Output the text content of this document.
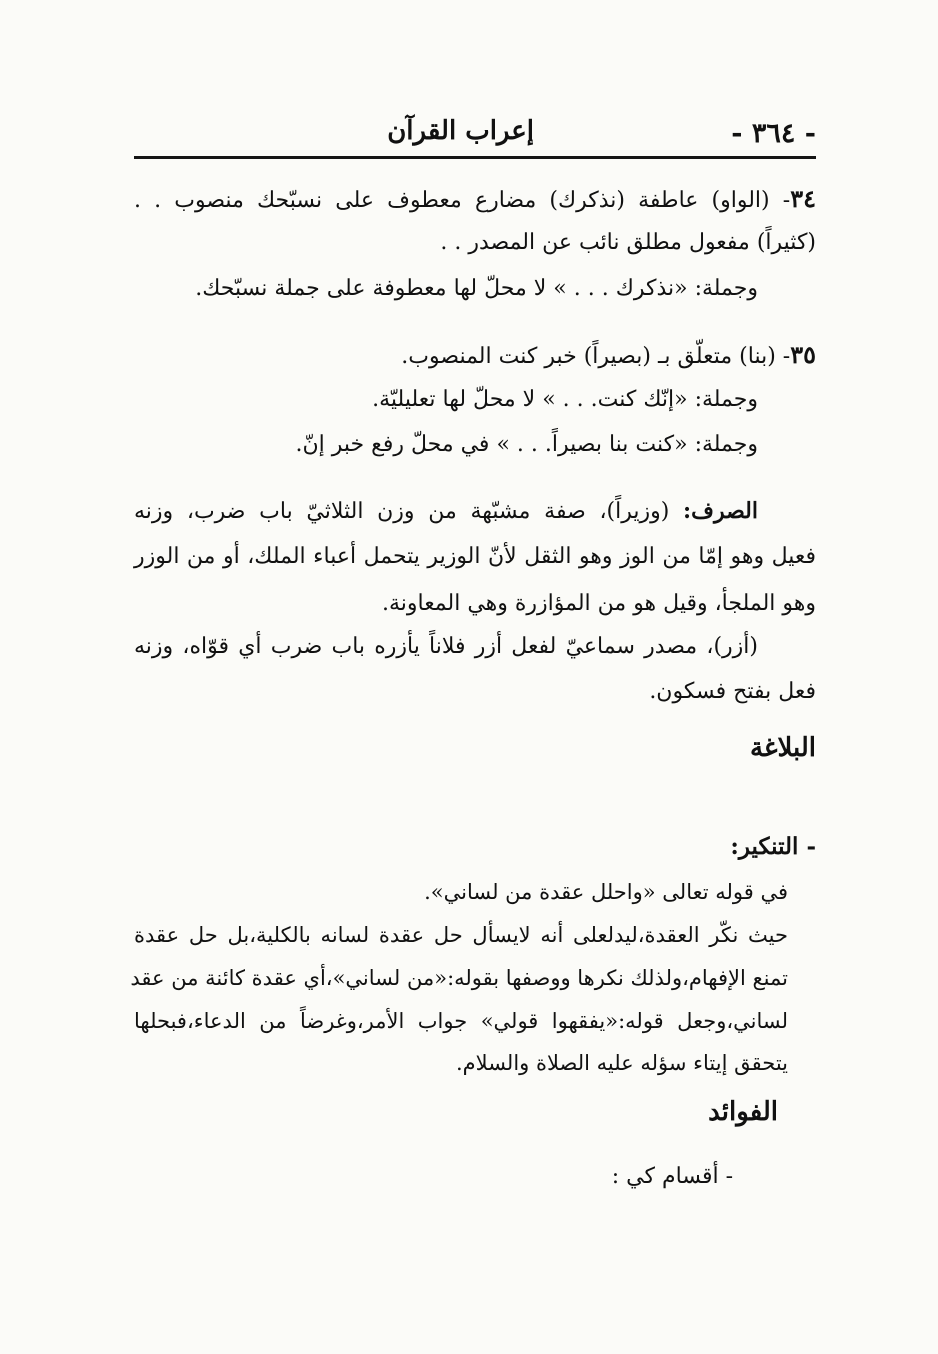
- ٣٦٤ -
إعراب القرآن
٣٤- (الواو) عاطفة (نذكرك) مضارع معطوف على نسبّحك منصوب . .
(كثيراً) مفعول مطلق نائب عن المصدر . .
وجملة: «نذكرك . . . » لا محلّ لها معطوفة على جملة نسبّحك.
٣٥- (بنا) متعلّق بـ (بصيراً) خبر كنت المنصوب.
وجملة: «إنّك كنت. . . » لا محلّ لها تعليليّة.
وجملة: «كنت بنا بصيراً. . . » في محلّ رفع خبر إنّ.
الصرف: (وزيراً)، صفة مشبّهة من وزن الثلاثيّ باب ضرب، وزنه
فعيل وهو إمّا من الوز وهو الثقل لأنّ الوزير يتحمل أعباء الملك، أو من الوزر
وهو الملجأ، وقيل هو من المؤازرة وهي المعاونة.
(أزر)، مصدر سماعيّ لفعل أزر فلاناً يأزره باب ضرب أي قوّاه، وزنه
فعل بفتح فسكون.
البلاغة
- التنكير:
في قوله تعالى «واحلل عقدة من لساني».
حيث نكّر العقدة،ليدلعلى أنه لايسأل حل عقدة لسانه بالكلية،بل حل عقدة
تمنع الإفهام،ولذلك نكرها ووصفها بقوله:«من لساني»،أي عقدة كائنة من عقد
لساني،وجعل قوله:«يفقهوا قولي» جواب الأمر،وغرضاً من الدعاء،فبحلها
يتحقق إيتاء سؤله عليه الصلاة والسلام.
الفوائد
- أقسام كي :
